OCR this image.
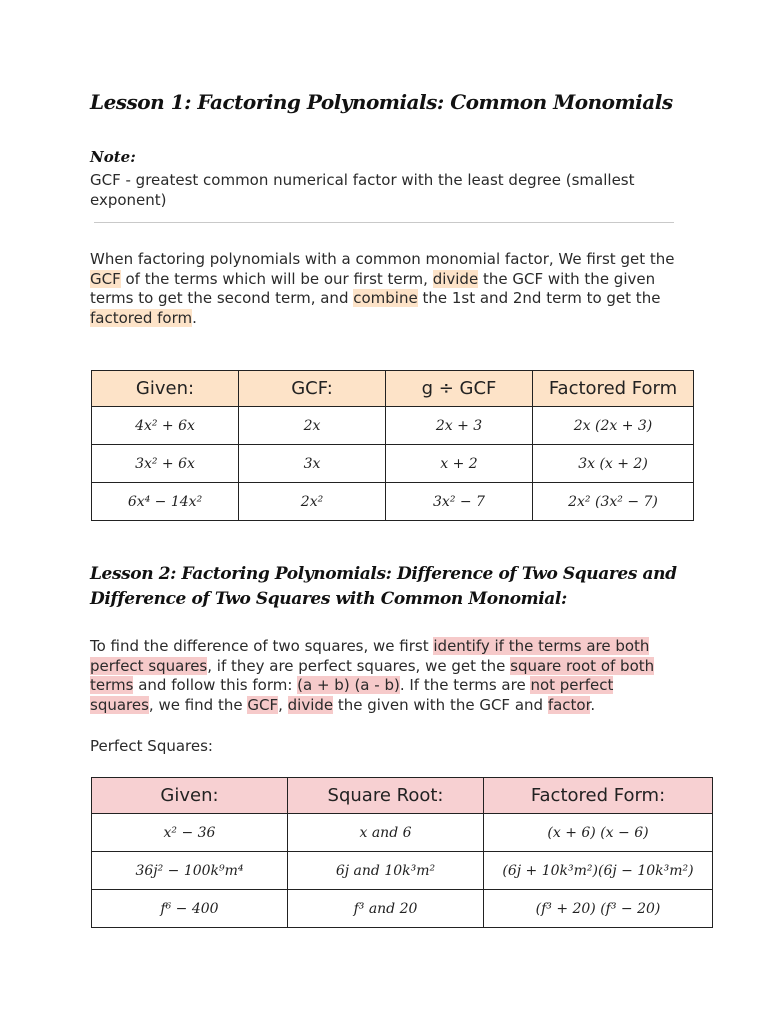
Lesson 1: Factoring Polynomials: Common Monomials
Note:
GCF - greatest common numerical factor with the least degree (smallest exponent)
When factoring polynomials with a common monomial factor, We first get the GCF of the terms which will be our first term, divide the GCF with the given terms to get the second term, and combine the 1st and 2nd term to get the factored form.
Given:	GCF:	g ÷ GCF	Factored Form
4x² + 6x	2x	2x + 3	2x (2x + 3)
3x² + 6x	3x	x + 2	3x (x + 2)
6x⁴ − 14x²	2x²	3x² − 7	2x² (3x² − 7)
Lesson 2: Factoring Polynomials: Difference of Two Squares and Difference of Two Squares with Common Monomial:
To find the difference of two squares, we first identify if the terms are both perfect squares, if they are perfect squares, we get the square root of both terms and follow this form: (a + b) (a - b). If the terms are not perfect squares, we find the GCF, divide the given with the GCF and factor.
Perfect Squares:
Given:	Square Root:	Factored Form:
x² − 36	x and 6	(x + 6) (x − 6)
36j² − 100k⁹m⁴	6j and 10k³m²	(6j + 10k³m²)(6j − 10k³m²)
f⁶ − 400	f³ and 20	(f³ + 20) (f³ − 20)
